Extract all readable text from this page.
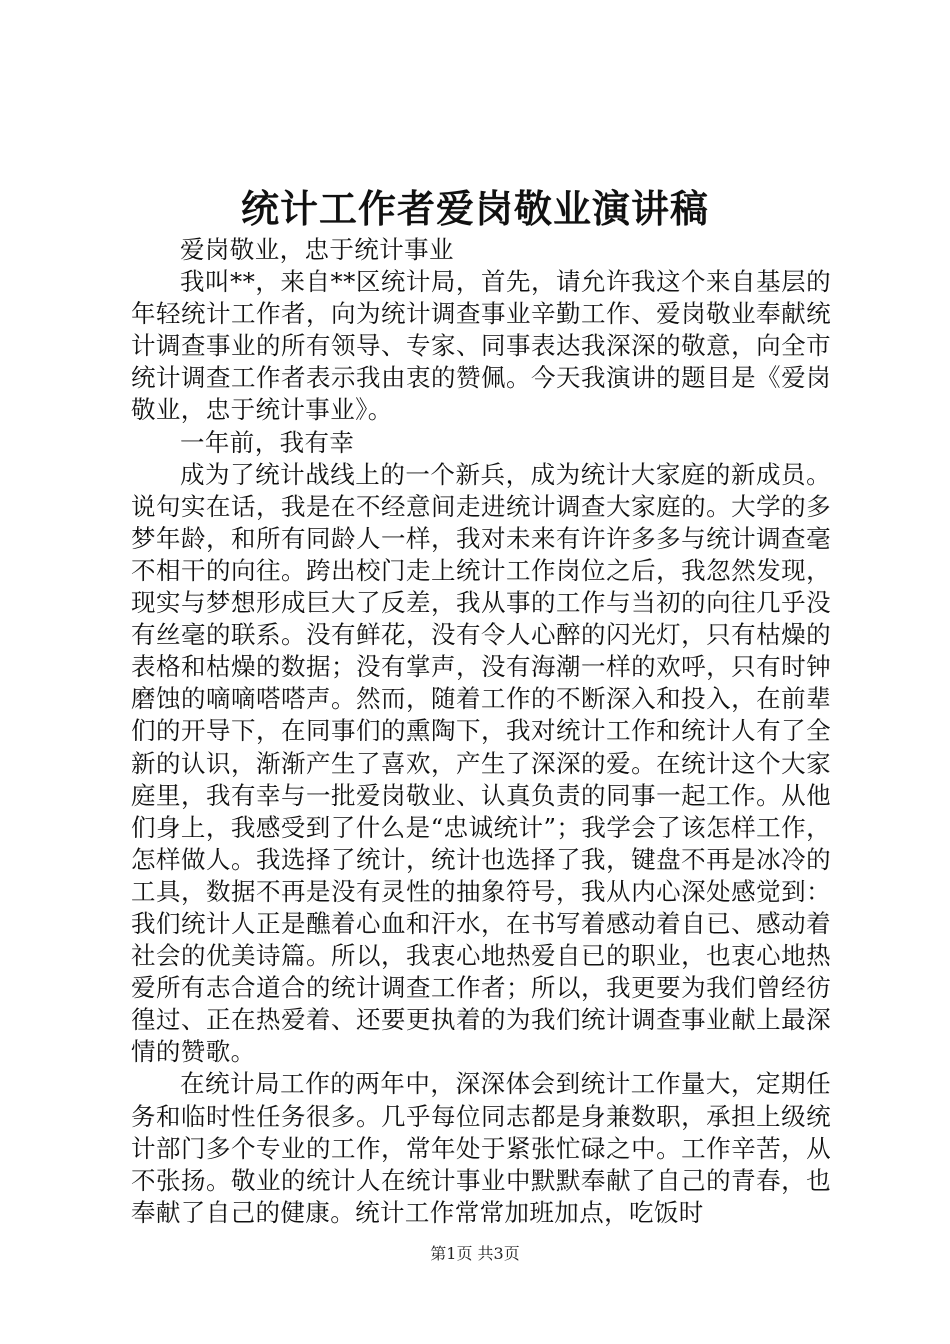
统计工作者爱岗敬业演讲稿

爱岗敬业，忠于统计事业

我叫**，来自**区统计局，首先，请允许我这个来自基层的年轻统计工作者，向为统计调查事业辛勤工作、爱岗敬业奉献统计调查事业的所有领导、专家、同事表达我深深的敬意，向全市统计调查工作者表示我由衷的赞佩。今天我演讲的题目是《爱岗敬业，忠于统计事业》。

一年前，我有幸

成为了统计战线上的一个新兵，成为统计大家庭的新成员。说句实在话，我是在不经意间走进统计调查大家庭的。大学的多梦年龄，和所有同龄人一样，我对未来有许许多多与统计调查毫不相干的向往。跨出校门走上统计工作岗位之后，我忽然发现，现实与梦想形成巨大了反差，我从事的工作与当初的向往几乎没有丝毫的联系。没有鲜花，没有令人心醉的闪光灯，只有枯燥的表格和枯燥的数据；没有掌声，没有海潮一样的欢呼，只有时钟磨蚀的嘀嘀嗒嗒声。然而，随着工作的不断深入和投入，在前辈们的开导下，在同事们的熏陶下，我对统计工作和统计人有了全新的认识，渐渐产生了喜欢，产生了深深的爱。在统计这个大家庭里，我有幸与一批爱岗敬业、认真负责的同事一起工作。从他们身上，我感受到了什么是“忠诚统计”；我学会了该怎样工作，怎样做人。我选择了统计，统计也选择了我，键盘不再是冰冷的工具，数据不再是没有灵性的抽象符号，我从内心深处感觉到：我们统计人正是醮着心血和汗水，在书写着感动着自已、感动着社会的优美诗篇。所以，我衷心地热爱自已的职业，也衷心地热爱所有志合道合的统计调查工作者；所以，我更要为我们曾经彷徨过、正在热爱着、还要更执着的为我们统计调查事业献上最深情的赞歌。

在统计局工作的两年中，深深体会到统计工作量大，定期任务和临时性任务很多。几乎每位同志都是身兼数职，承担上级统计部门多个专业的工作，常年处于紧张忙碌之中。工作辛苦，从不张扬。敬业的统计人在统计事业中默默奉献了自己的青春，也奉献了自己的健康。统计工作常常加班加点，吃饭时

第1页 共3页
